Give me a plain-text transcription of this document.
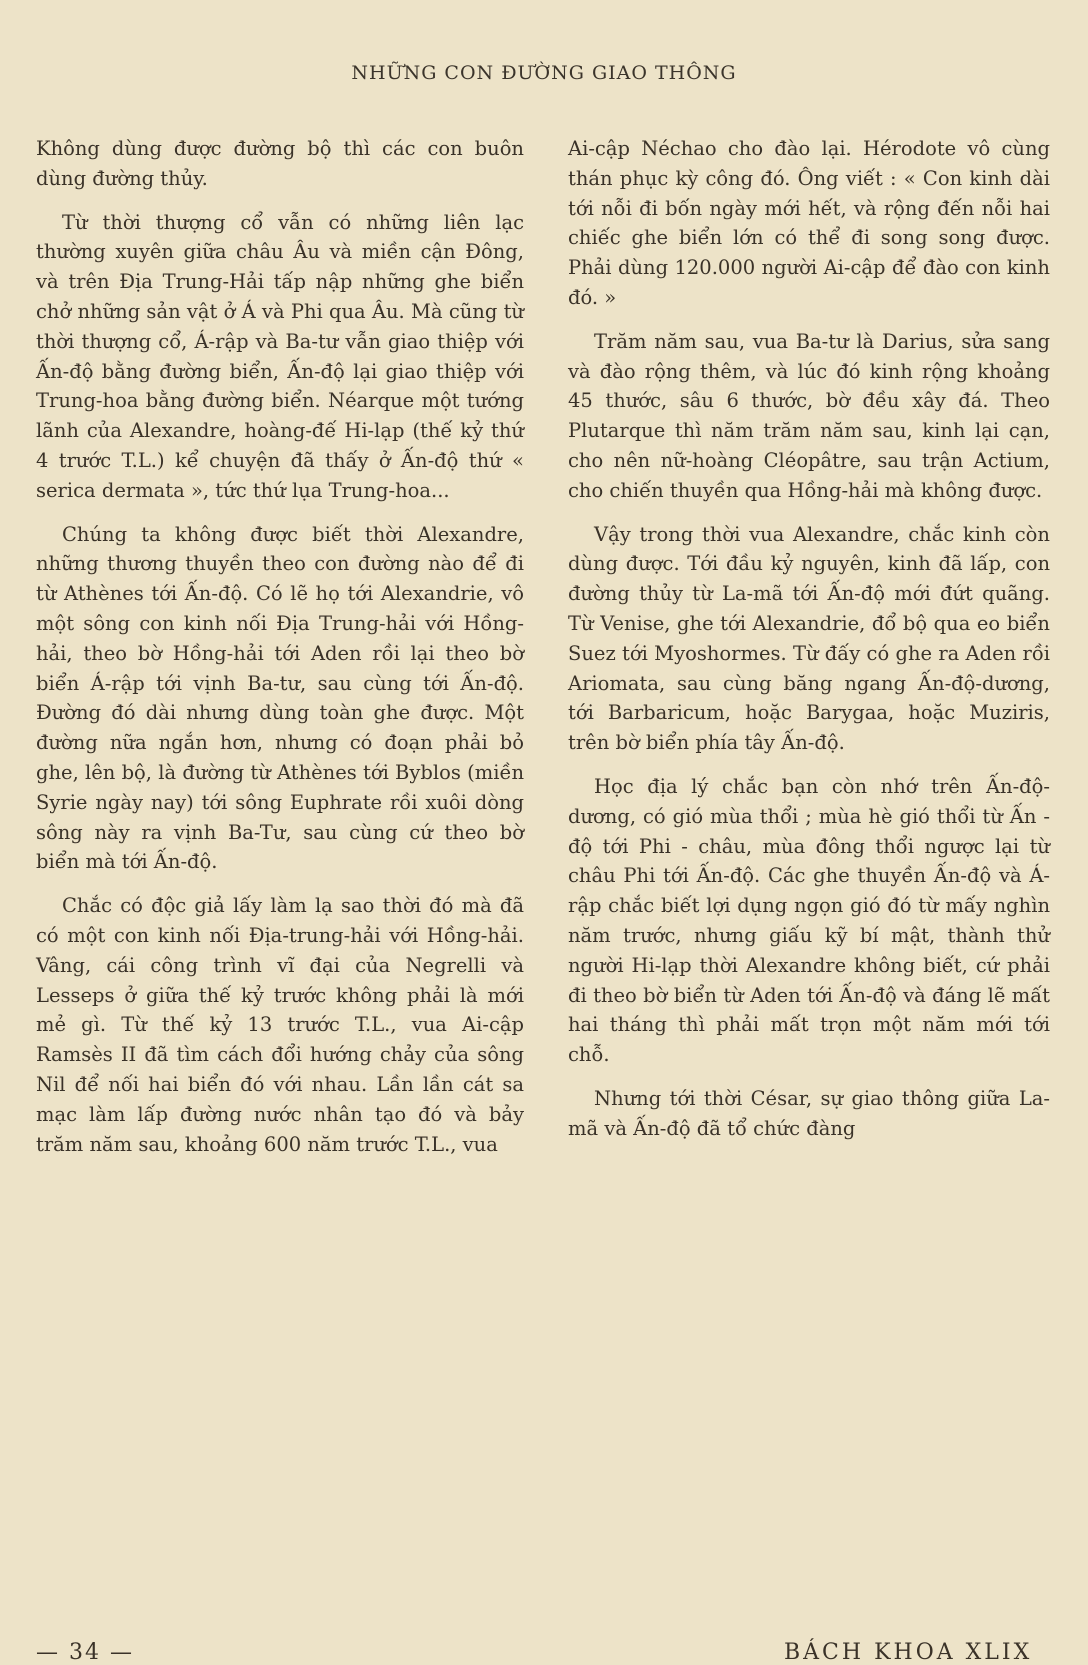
NHỮNG CON ĐƯỜNG GIAO THÔNG

Không dùng được đường bộ thì các con buôn dùng đường thủy.

Từ thời thượng cổ vẫn có những liên lạc thường xuyên giữa châu Âu và miền cận Đông, và trên Địa Trung-Hải tấp nập những ghe biển chở những sản vật ở Á và Phi qua Âu. Mà cũng từ thời thượng cổ, Á-rập và Ba-tư vẫn giao thiệp với Ấn-độ bằng đường biển, Ấn-độ lại giao thiệp với Trung-hoa bằng đường biển. Néarque một tướng lãnh của Alexandre, hoàng-đế Hi-lạp (thế kỷ thứ 4 trước T.L.) kể chuyện đã thấy ở Ấn-độ thứ « serica dermata », tức thứ lụa Trung-hoa...

Chúng ta không được biết thời Alexandre, những thương thuyền theo con đường nào để đi từ Athènes tới Ấn-độ. Có lẽ họ tới Alexandrie, vô một sông con kinh nối Địa Trung-hải với Hồng-hải, theo bờ Hồng-hải tới Aden rồi lại theo bờ biển Á-rập tới vịnh Ba-tư, sau cùng tới Ấn-độ. Đường đó dài nhưng dùng toàn ghe được. Một đường nữa ngắn hơn, nhưng có đoạn phải bỏ ghe, lên bộ, là đường từ Athènes tới Byblos (miền Syrie ngày nay) tới sông Euphrate rồi xuôi dòng sông này ra vịnh Ba-Tư, sau cùng cứ theo bờ biển mà tới Ấn-độ.

Chắc có độc giả lấy làm lạ sao thời đó mà đã có một con kinh nối Địa-trung-hải với Hồng-hải. Vâng, cái công trình vĩ đại của Negrelli và Lesseps ở giữa thế kỷ trước không phải là mới mẻ gì. Từ thế kỷ 13 trước T.L., vua Ai-cập Ramsès II đã tìm cách đổi hướng chảy của sông Nil để nối hai biển đó với nhau. Lần lần cát sa mạc làm lấp đường nước nhân tạo đó và bảy trăm năm sau, khoảng 600 năm trước T.L., vua

Ai-cập Néchao cho đào lại. Hérodote vô cùng thán phục kỳ công đó. Ông viết : « Con kinh dài tới nỗi đi bốn ngày mới hết, và rộng đến nỗi hai chiếc ghe biển lớn có thể đi song song được. Phải dùng 120.000 người Ai-cập để đào con kinh đó. »

Trăm năm sau, vua Ba-tư là Darius, sửa sang và đào rộng thêm, và lúc đó kinh rộng khoảng 45 thước, sâu 6 thước, bờ đều xây đá. Theo Plutarque thì năm trăm năm sau, kinh lại cạn, cho nên nữ-hoàng Cléopâtre, sau trận Actium, cho chiến thuyền qua Hồng-hải mà không được.

Vậy trong thời vua Alexandre, chắc kinh còn dùng được. Tới đầu kỷ nguyên, kinh đã lấp, con đường thủy từ La-mã tới Ấn-độ mới đứt quãng. Từ Venise, ghe tới Alexandrie, đổ bộ qua eo biển Suez tới Myoshormes. Từ đấy có ghe ra Aden rồi Ariomata, sau cùng băng ngang Ấn-độ-dương, tới Barbaricum, hoặc Barygaa, hoặc Muziris, trên bờ biển phía tây Ấn-độ.

Học địa lý chắc bạn còn nhớ trên Ấn-độ-dương, có gió mùa thổi ; mùa hè gió thổi từ Ấn - độ tới Phi - châu, mùa đông thổi ngược lại từ châu Phi tới Ấn-độ. Các ghe thuyền Ấn-độ và Á-rập chắc biết lợi dụng ngọn gió đó từ mấy nghìn năm trước, nhưng giấu kỹ bí mật, thành thử người Hi-lạp thời Alexandre không biết, cứ phải đi theo bờ biển từ Aden tới Ấn-độ và đáng lẽ mất hai tháng thì phải mất trọn một năm mới tới chỗ.

Nhưng tới thời César, sự giao thông giữa La-mã và Ấn-độ đã tổ chức đàng

— 34 —	BÁCH KHOA XLIX
